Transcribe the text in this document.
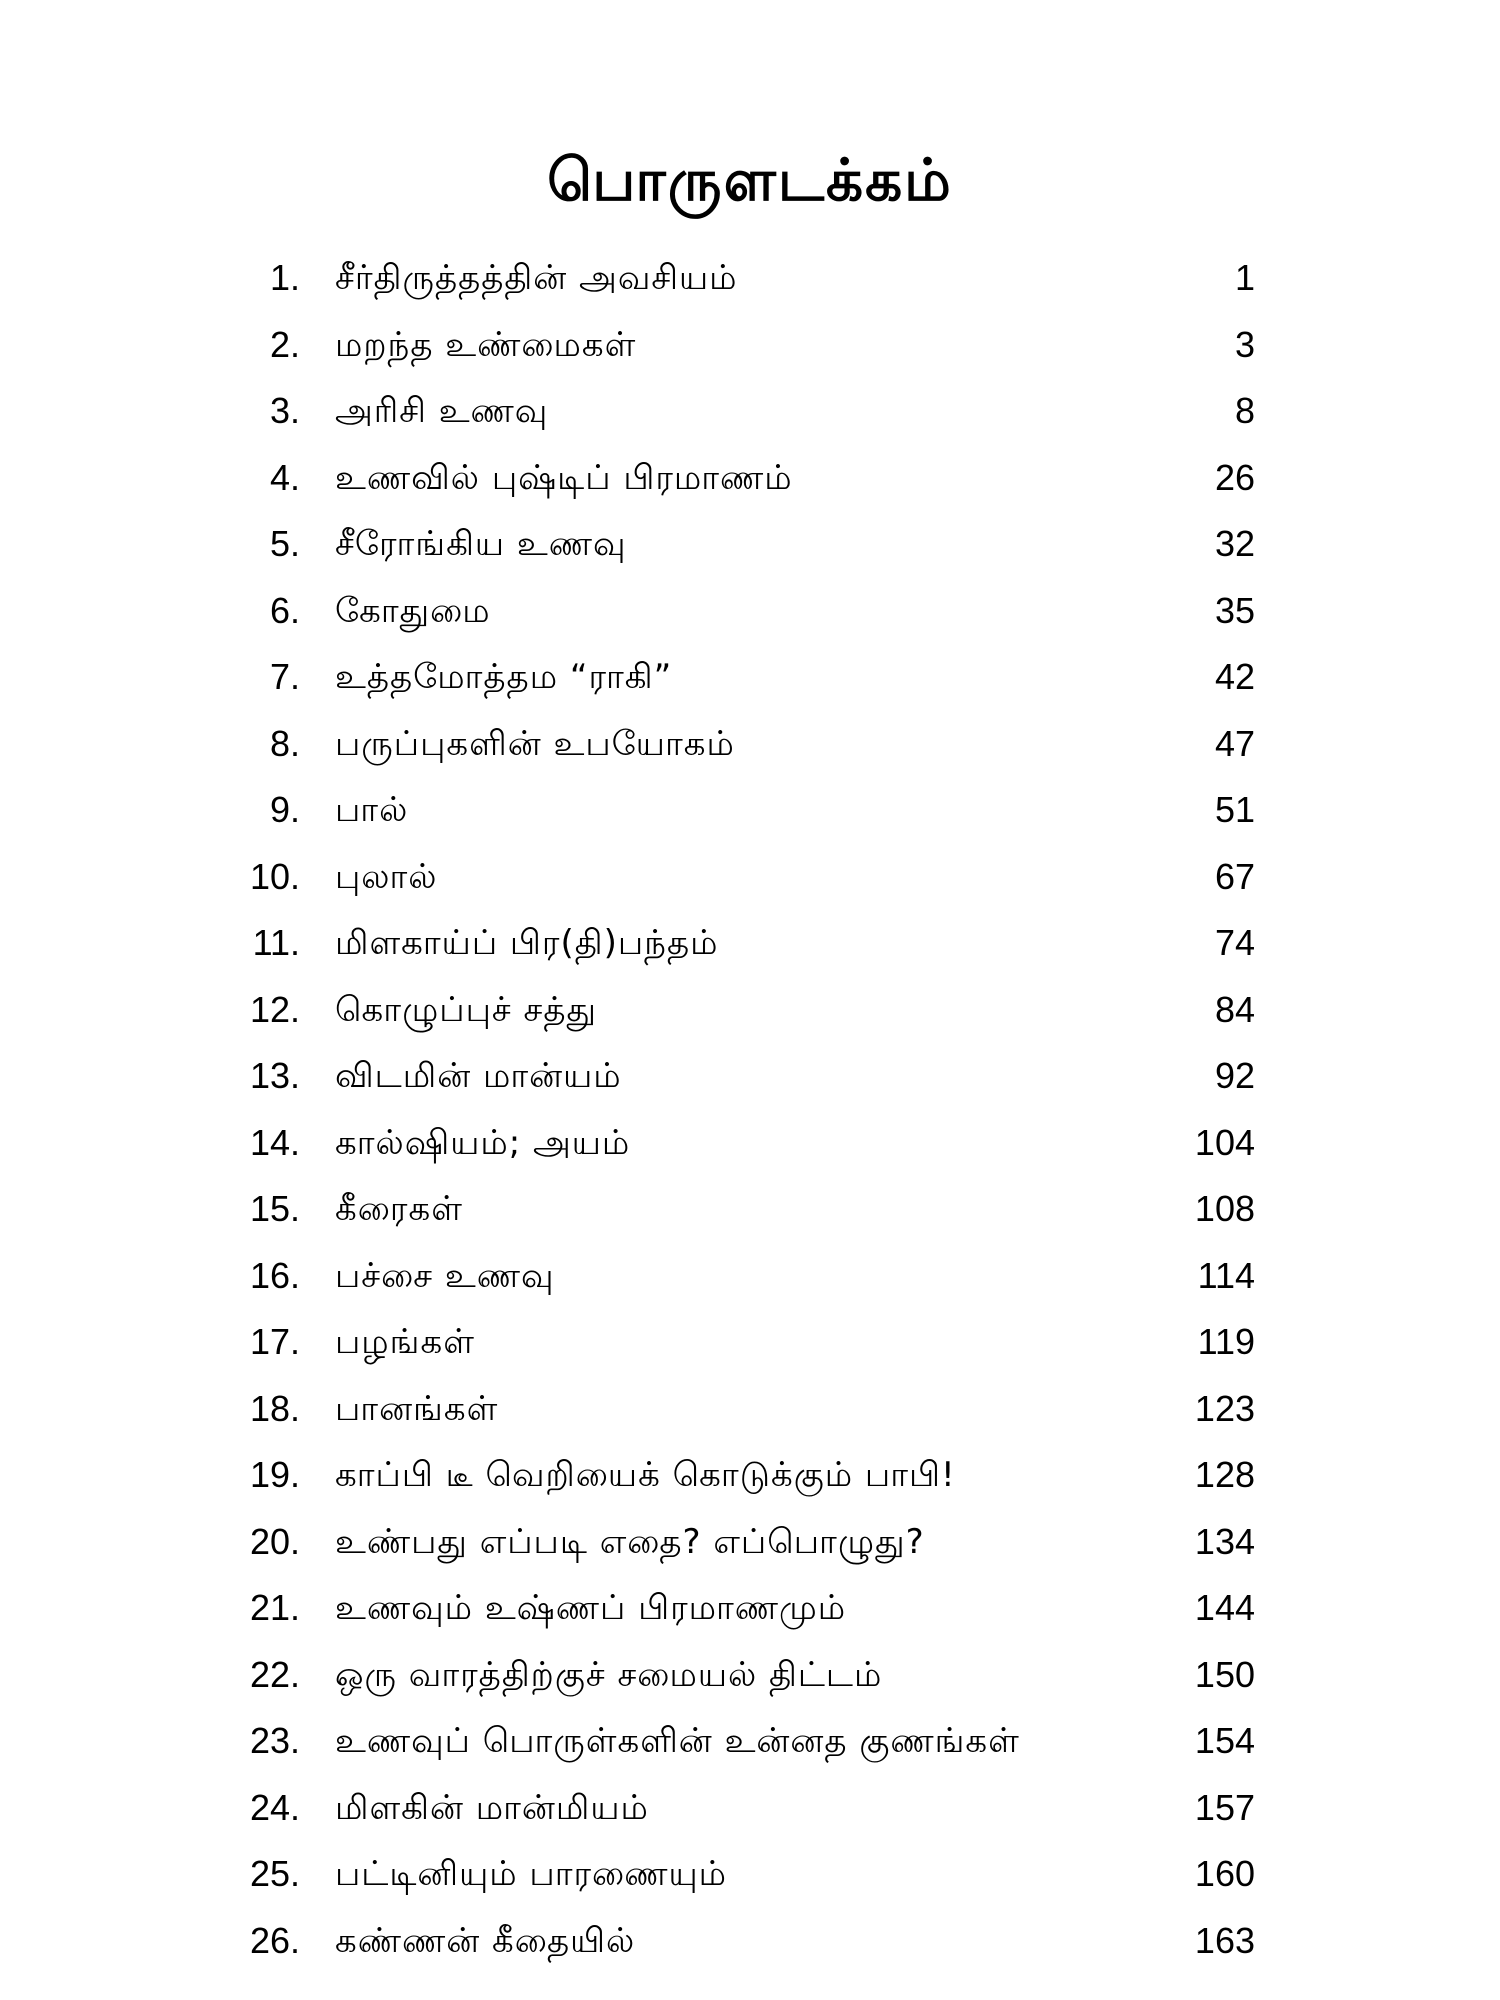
பொருளடக்கம்
1. சீர்திருத்தத்தின் அவசியம்	1
2. மறந்த உண்மைகள்	3
3. அரிசி உணவு	8
4. உணவில் புஷ்டிப் பிரமாணம்	26
5. சீரோங்கிய உணவு	32
6. கோதுமை	35
7. உத்தமோத்தம “ராகி”	42
8. பருப்புகளின் உபயோகம்	47
9. பால்	51
10. புலால்	67
11. மிளகாய்ப் பிர(தி)பந்தம்	74
12. கொழுப்புச் சத்து	84
13. விடமின் மான்யம்	92
14. கால்ஷியம்; அயம்	104
15. கீரைகள்	108
16. பச்சை உணவு	114
17. பழங்கள்	119
18. பானங்கள்	123
19. காப்பி டீ வெறியைக் கொடுக்கும் பாபி!	128
20. உண்பது எப்படி எதை? எப்பொழுது?	134
21. உணவும் உஷ்ணப் பிரமாணமும்	144
22. ஒரு வாரத்திற்குச் சமையல் திட்டம்	150
23. உணவுப் பொருள்களின் உன்னத குணங்கள்	154
24. மிளகின் மான்மியம்	157
25. பட்டினியும் பாரணையும்	160
26. கண்ணன் கீதையில்	163
